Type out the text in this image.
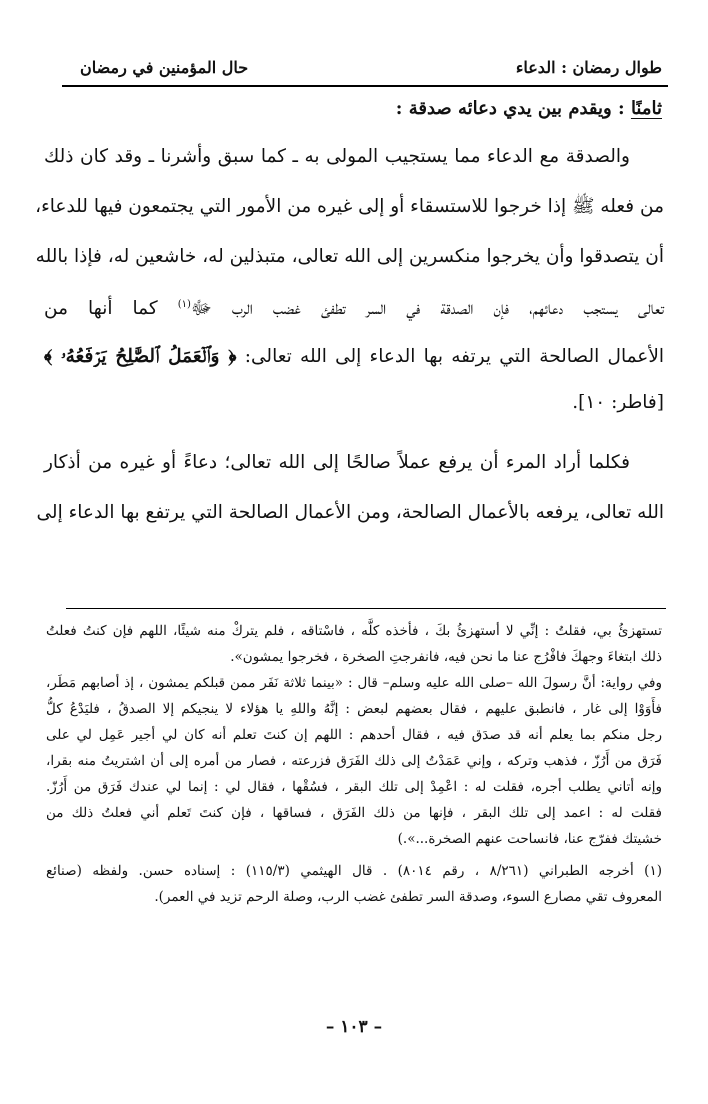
طوال رمضان : الدعاء
حال المؤمنين في رمضان
ثامنًا : ويقدم بين يدي دعائه صدقة :
والصدقة مع الدعاء مما يستجيب المولى به ـ كما سبق وأشرنا ـ وقد كان ذلك
من فعله ﷺ إذا خرجوا للاستسقاء أو إلى غيره من الأمور التي يجتمعون فيها للدعاء،
أن يتصدقوا وأن يخرجوا منكسرين إلى الله تعالى، متبذلين له، خاشعين له، فإذا بالله
تعالى يستجب دعائهم، فإن الصدقة في السر تطفئ غضب الرب ﷻ$^{(١)}$ كما أنها من
الأعمال الصالحة التي يرتفه بها الدعاء إلى الله تعالى: ﴿ وَٱلۡعَمَلُ ٱلصَّٰلِحُ يَرۡفَعُهُۥ ﴾
[فاطر: ١٠].
فكلما أراد المرء أن يرفع عملاً صالحًا إلى الله تعالى؛ دعاءً أو غيره من أذكار
الله تعالى، يرفعه بالأعمال الصالحة، ومن الأعمال الصالحة التي يرتفع بها الدعاء إلى
تستهزئُ بي، فقلتُ : إنِّي لا أستهزئُ بكَ ، فأخذه كلَّه ، فاسْتاقه ، فلم يتركْ منه شيئًا، اللهم فإن كنتُ فعلتُ
ذلك ابتغاءَ وجهكَ فافْرُج عنا ما نحن فيه، فانفرجتِ الصخرة ، فخرجوا يمشون».
وفي رواية: أنَّ رسولَ الله –صلى الله عليه وسلم– قال : «بينما ثلاثة نَفَر ممن قبلكم يمشون ، إذ أصابهم مَطَر،
فأَوَوْا إلى غار ، فانطبق عليهم ، فقال بعضهم لبعض : إنَّهُ واللهِ يا هؤلاء لا ينجيكم إلا الصدقُ ، فليَدْعُ كلُّ
رجل منكم بما يعلم أنه قد صدَق فيه ، فقال أحدهم : اللهم إن كنتَ تعلم أنه كان لي أجير عَمِل لي على
فَرَق من أَرُزّ ، فذهب وتركه ، وإني عَمَدْتُ إلى ذلك الفَرَق فزرعته ، فصار من أمره إلى أن اشتريتُ منه بقرا،
وإنه أتاني يطلب أجره، فقلت له : اعْمِدْ إلى تلك البقر ، فسُقْها ، فقال لي : إنما لي عندك فَرَق من أَرُزّ.
فقلت له : اعمد إلى تلك البقر ، فإنها من ذلك الفَرَق ، فساقها ، فإن كنتَ تَعلم أني فعلتُ ذلك من
خشيتك ففرّج عنا، فانساحت عنهم الصخرة...».)
(١) أخرجه الطبراني (٨/٢٦١ ، رقم ٨٠١٤) . قال الهيثمي (١١٥/٣) : إسناده حسن. ولفظه (صنائع
المعروف تقي مصارع السوء، وصدقة السر تطفئ غضب الرب، وصلة الرحم تزيد في العمر).
– ١٠٣ –
